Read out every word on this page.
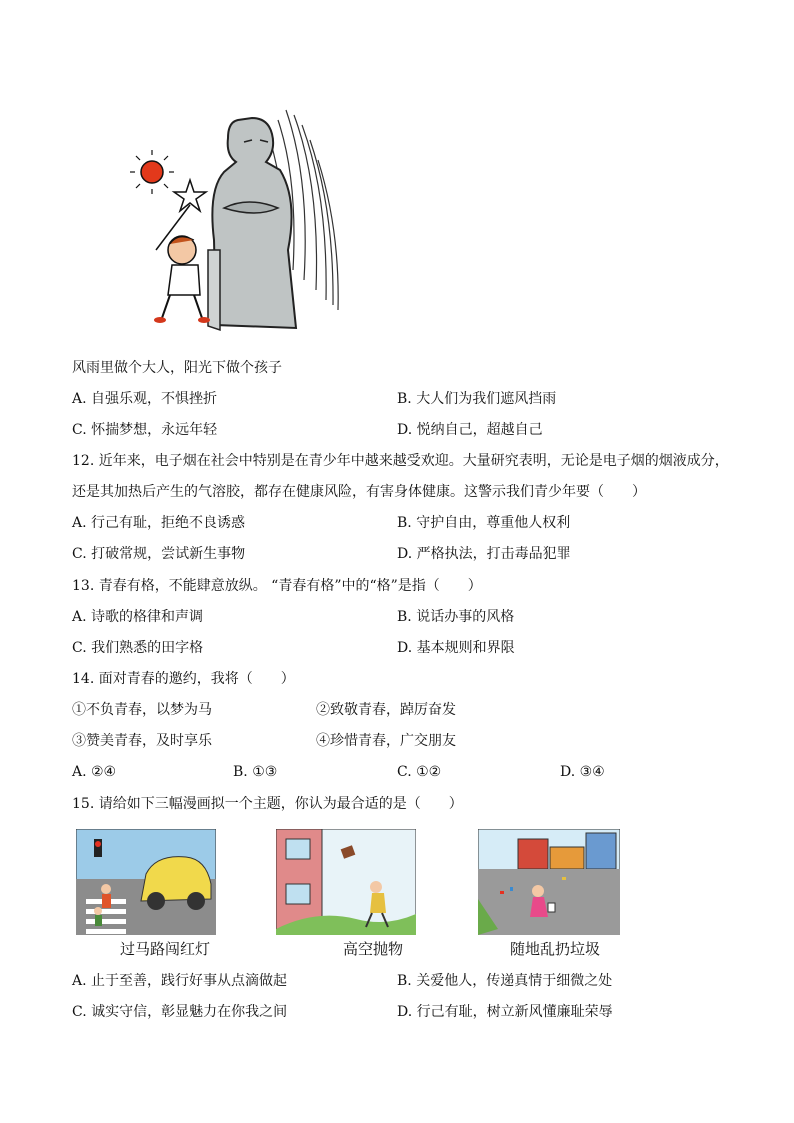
风雨里做个大人，阳光下做个孩子
A. 自强乐观，不惧挫折	B. 大人们为我们遮风挡雨
C. 怀揣梦想，永远年轻	D. 悦纳自己，超越自己
12. 近年来，电子烟在社会中特别是在青少年中越来越受欢迎。大量研究表明，无论是电子烟的烟液成分，
还是其加热后产生的气溶胶，都存在健康风险，有害身体健康。这警示我们青少年要（　　）
A. 行己有耻，拒绝不良诱惑	B. 守护自由，尊重他人权利
C. 打破常规，尝试新生事物	D. 严格执法，打击毒品犯罪
13. 青春有格，不能肆意放纵。 “青春有格”中的“格”是指（　　）
A. 诗歌的格律和声调	B. 说话办事的风格
C. 我们熟悉的田字格	D. 基本规则和界限
14. 面对青春的邀约，我将（　　）
①不负青春，以梦为马	②致敬青春，踔厉奋发
③赞美青春，及时享乐	④珍惜青春，广交朋友
A. ②④	B. ①③	C. ①②	D. ③④
15. 请给如下三幅漫画拟一个主题，你认为最合适的是（　　）
过马路闯红灯	高空抛物	随地乱扔垃圾
A. 止于至善，践行好事从点滴做起	B. 关爱他人，传递真情于细微之处
C. 诚实守信，彰显魅力在你我之间	D. 行己有耻，树立新风懂廉耻荣辱
